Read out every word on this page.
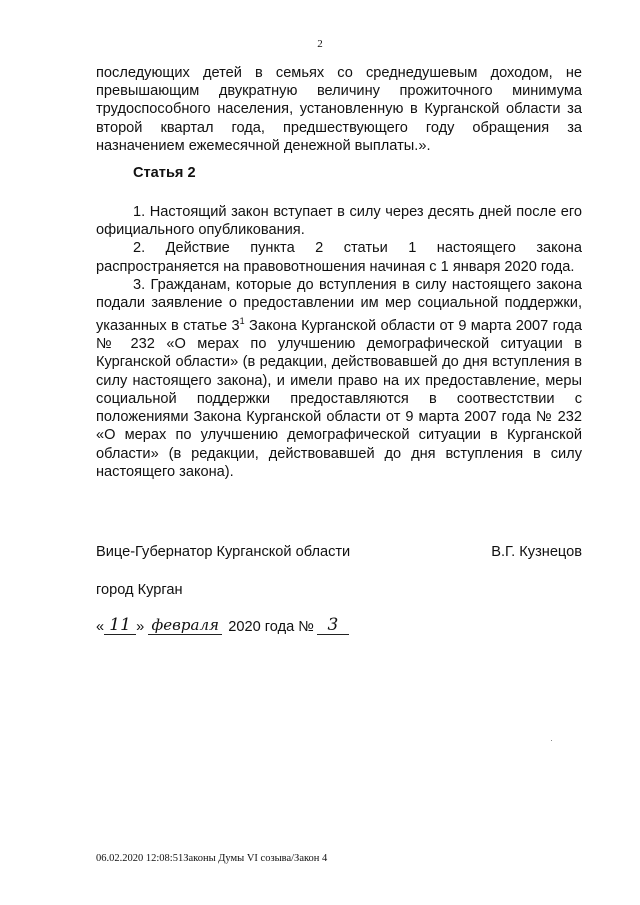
2
последующих детей в семьях со среднедушевым доходом, не превышающим двукратную величину прожиточного минимума трудоспособного населения, установленную в Курганской области за второй квартал года, предшествующего году обращения за назначением ежемесячной денежной выплаты.».
Статья 2
1. Настоящий закон вступает в силу через десять дней после его официального опубликования.
2. Действие пункта 2 статьи 1 настоящего закона распространяется на правовотношения начиная с 1 января 2020 года.
3. Гражданам, которые до вступления в силу настоящего закона подали заявление о предоставлении им мер социальной поддержки, указанных в статье $3^1$ Закона Курганской области от 9 марта 2007 года № 232 «О мерах по улучшению демографической ситуации в Курганской области» (в редакции, действовавшей до дня вступления в силу настоящего закона), и имели право на их предоставление, меры социальной поддержки предоставляются в соотвестствии с положениями Закона Курганской области от 9 марта 2007 года № 232 «О мерах по улучшению демографической ситуации в Курганской области» (в редакции, действовавшей до дня вступления в силу настоящего закона).
Вице-Губернатор Курганской области	В.Г. Кузнецов
город Курган
« 11 » февраля 2020 года № 3
06.02.2020 12:08:51Законы Думы VI созыва/Закон 4
